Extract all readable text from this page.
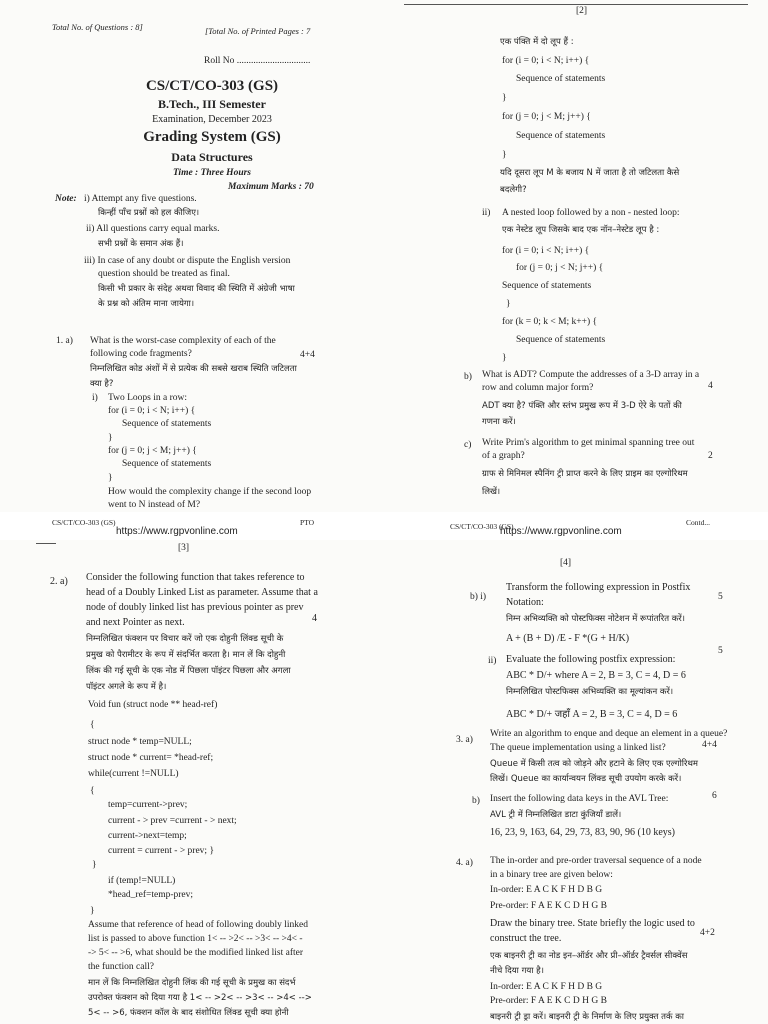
Total No. of Questions : 8]	[Total No. of Printed Pages : 7
Roll No ...............................
CS/CT/CO-303 (GS)
B.Tech., III Semester
Examination, December 2023
Grading System (GS)
Data Structures
Time : Three Hours
Maximum Marks : 70
Note: i) Attempt any five questions.
किन्हीं पाँच प्रश्नों को हल कीजिए।
ii) All questions carry equal marks.
सभी प्रश्नों के समान अंक हैं।
iii) In case of any doubt or dispute the English version
question should be treated as final.
किसी भी प्रकार के संदेह अथवा विवाद की स्थिति में अंग्रेजी भाषा
के प्रश्न को अंतिम माना जायेगा।
1. a) What is the worst-case complexity of each of the
following code fragments?	4+4
निम्नलिखित कोड अंशों में से प्रत्येक की सबसे खराब स्थिति जटिलता
क्या है?
i) Two Loops in a row:
for (i = 0; i < N; i++) {
Sequence of statements
}
for (j = 0; j < M; j++) {
Sequence of statements
}
How would the complexity change if the second loop
went to N instead of M?
CS/CT/CO-303 (GS)	PTO
https://www.rgpvonline.com
[2]
एक पंक्ति में दो लूप हैं :
for (i = 0; i < N; i++) {
Sequence of statements
}
for (j = 0; j < M; j++) {
Sequence of statements
}
यदि दूसरा लूप M के बजाय N में जाता है तो जटिलता कैसे
बदलेगी?
ii) A nested loop followed by a non - nested loop:
एक नेस्टेड लूप जिसके बाद एक नॉन–नेस्टेड लूप है :
for (i = 0; i < N; i++) {
for (j = 0; j < N; j++) {
Sequence of statements
}
for (k = 0; k < M; k++) {
Sequence of statements
}
b) What is ADT? Compute the addresses of a 3-D array in a
row and column major form?	4
ADT क्या है? पंक्ति और स्तंभ प्रमुख रूप में 3-D ऐरे के पतों की
गणना करें।
c) Write Prim's algorithm to get minimal spanning tree out
of a graph?	2
ग्राफ से मिनिमल स्पैनिंग ट्री प्राप्त करने के लिए प्राइम का एल्गोरिथम
लिखें।
CS/CT/CO-303 (GS)
https://www.rgpvonline.com
Contd...
[3]
2. a) Consider the following function that takes reference to
head of a Doubly Linked List as parameter. Assume that a
node of doubly linked list has previous pointer as prev
and next Pointer as next.	4
निम्नलिखित फंक्शन पर विचार करें जो एक दोहुनी लिंक्ड सूची के
प्रमुख को पैरामीटर के रूप में संदर्भित करता है। मान लें कि दोहुनी
लिंक की गई सूची के एक नोड में पिछला पॉइंटर पिछला और अगला
पॉइंटर अगले के रूप में है।
Void fun (struct node ** head-ref)
{
struct node * temp=NULL;
struct node * current= *head-ref;
while(current !=NULL)
{
temp=current->prev;
current - > prev =current - > next;
current->next=temp;
current = current - > prev; }
}
if (temp!=NULL)
*head_ref=temp-prev;
}
Assume that reference of head of following doubly linked
list is passed to above function 1< -- >2< -- >3< -- >4< -
-> 5< -- >6, what should be the modified linked list after
the function call?
मान लें कि निम्नलिखित दोहुनी लिंक की गई सूची के प्रमुख का संदर्भ
उपरोक्त फंक्शन को दिया गया है 1< -- >2< -- >3< -- >4< -->
5< -- >6, फंक्शन कॉल के बाद संशोधित लिंक्ड सूची क्या होनी
[4]
b) i)
Transform the following expression in Postfix
Notation:	5
निम्न अभिव्यक्ति को पोस्टफिक्स नोटेशन में रूपांतरित करें।
A + (B + D) /E - F *(G + H/K)
ii) Evaluate the following postfix expression:
5
ABC * D/+ where A = 2, B = 3, C = 4, D = 6
निम्नलिखित पोस्टफिक्स अभिव्यक्ति का मूल्यांकन करें।
ABC * D/+ जहाँ A = 2, B = 3, C = 4, D = 6
3. a)
Write an algorithm to enque and deque an element in a queue?
The queue implementation using a linked list?	4+4
Queue में किसी तत्व को जोड़ने और हटाने के लिए एक एल्गोरिथम
लिखें। Queue का कार्यान्वयन लिंक्ड सूची उपयोग करके करें।
b) Insert the following data keys in the AVL Tree:	6
AVL ट्री में निम्नलिखित डाटा कुंजियाँ डालें।
16, 23, 9, 163, 64, 29, 73, 83, 90, 96 (10 keys)
4. a) The in-order and pre-order traversal sequence of a node
in a binary tree are given below:
In-order: E A C K F H D B G
Pre-order: F A E K C D H G B
Draw the binary tree. State briefly the logic used to
construct the tree.	4+2
एक बाइनरी ट्री का नोड इन–ऑर्डर और प्री–ऑर्डर ट्रैवर्सल सीक्वेंस
नीचे दिया गया है।
In-order: E A C K F H D B G
Pre-order: F A E K C D H G B
बाइनरी ट्री ड्रा करें। बाइनरी ट्री के निर्माण के लिए प्रयुक्त तर्क का
